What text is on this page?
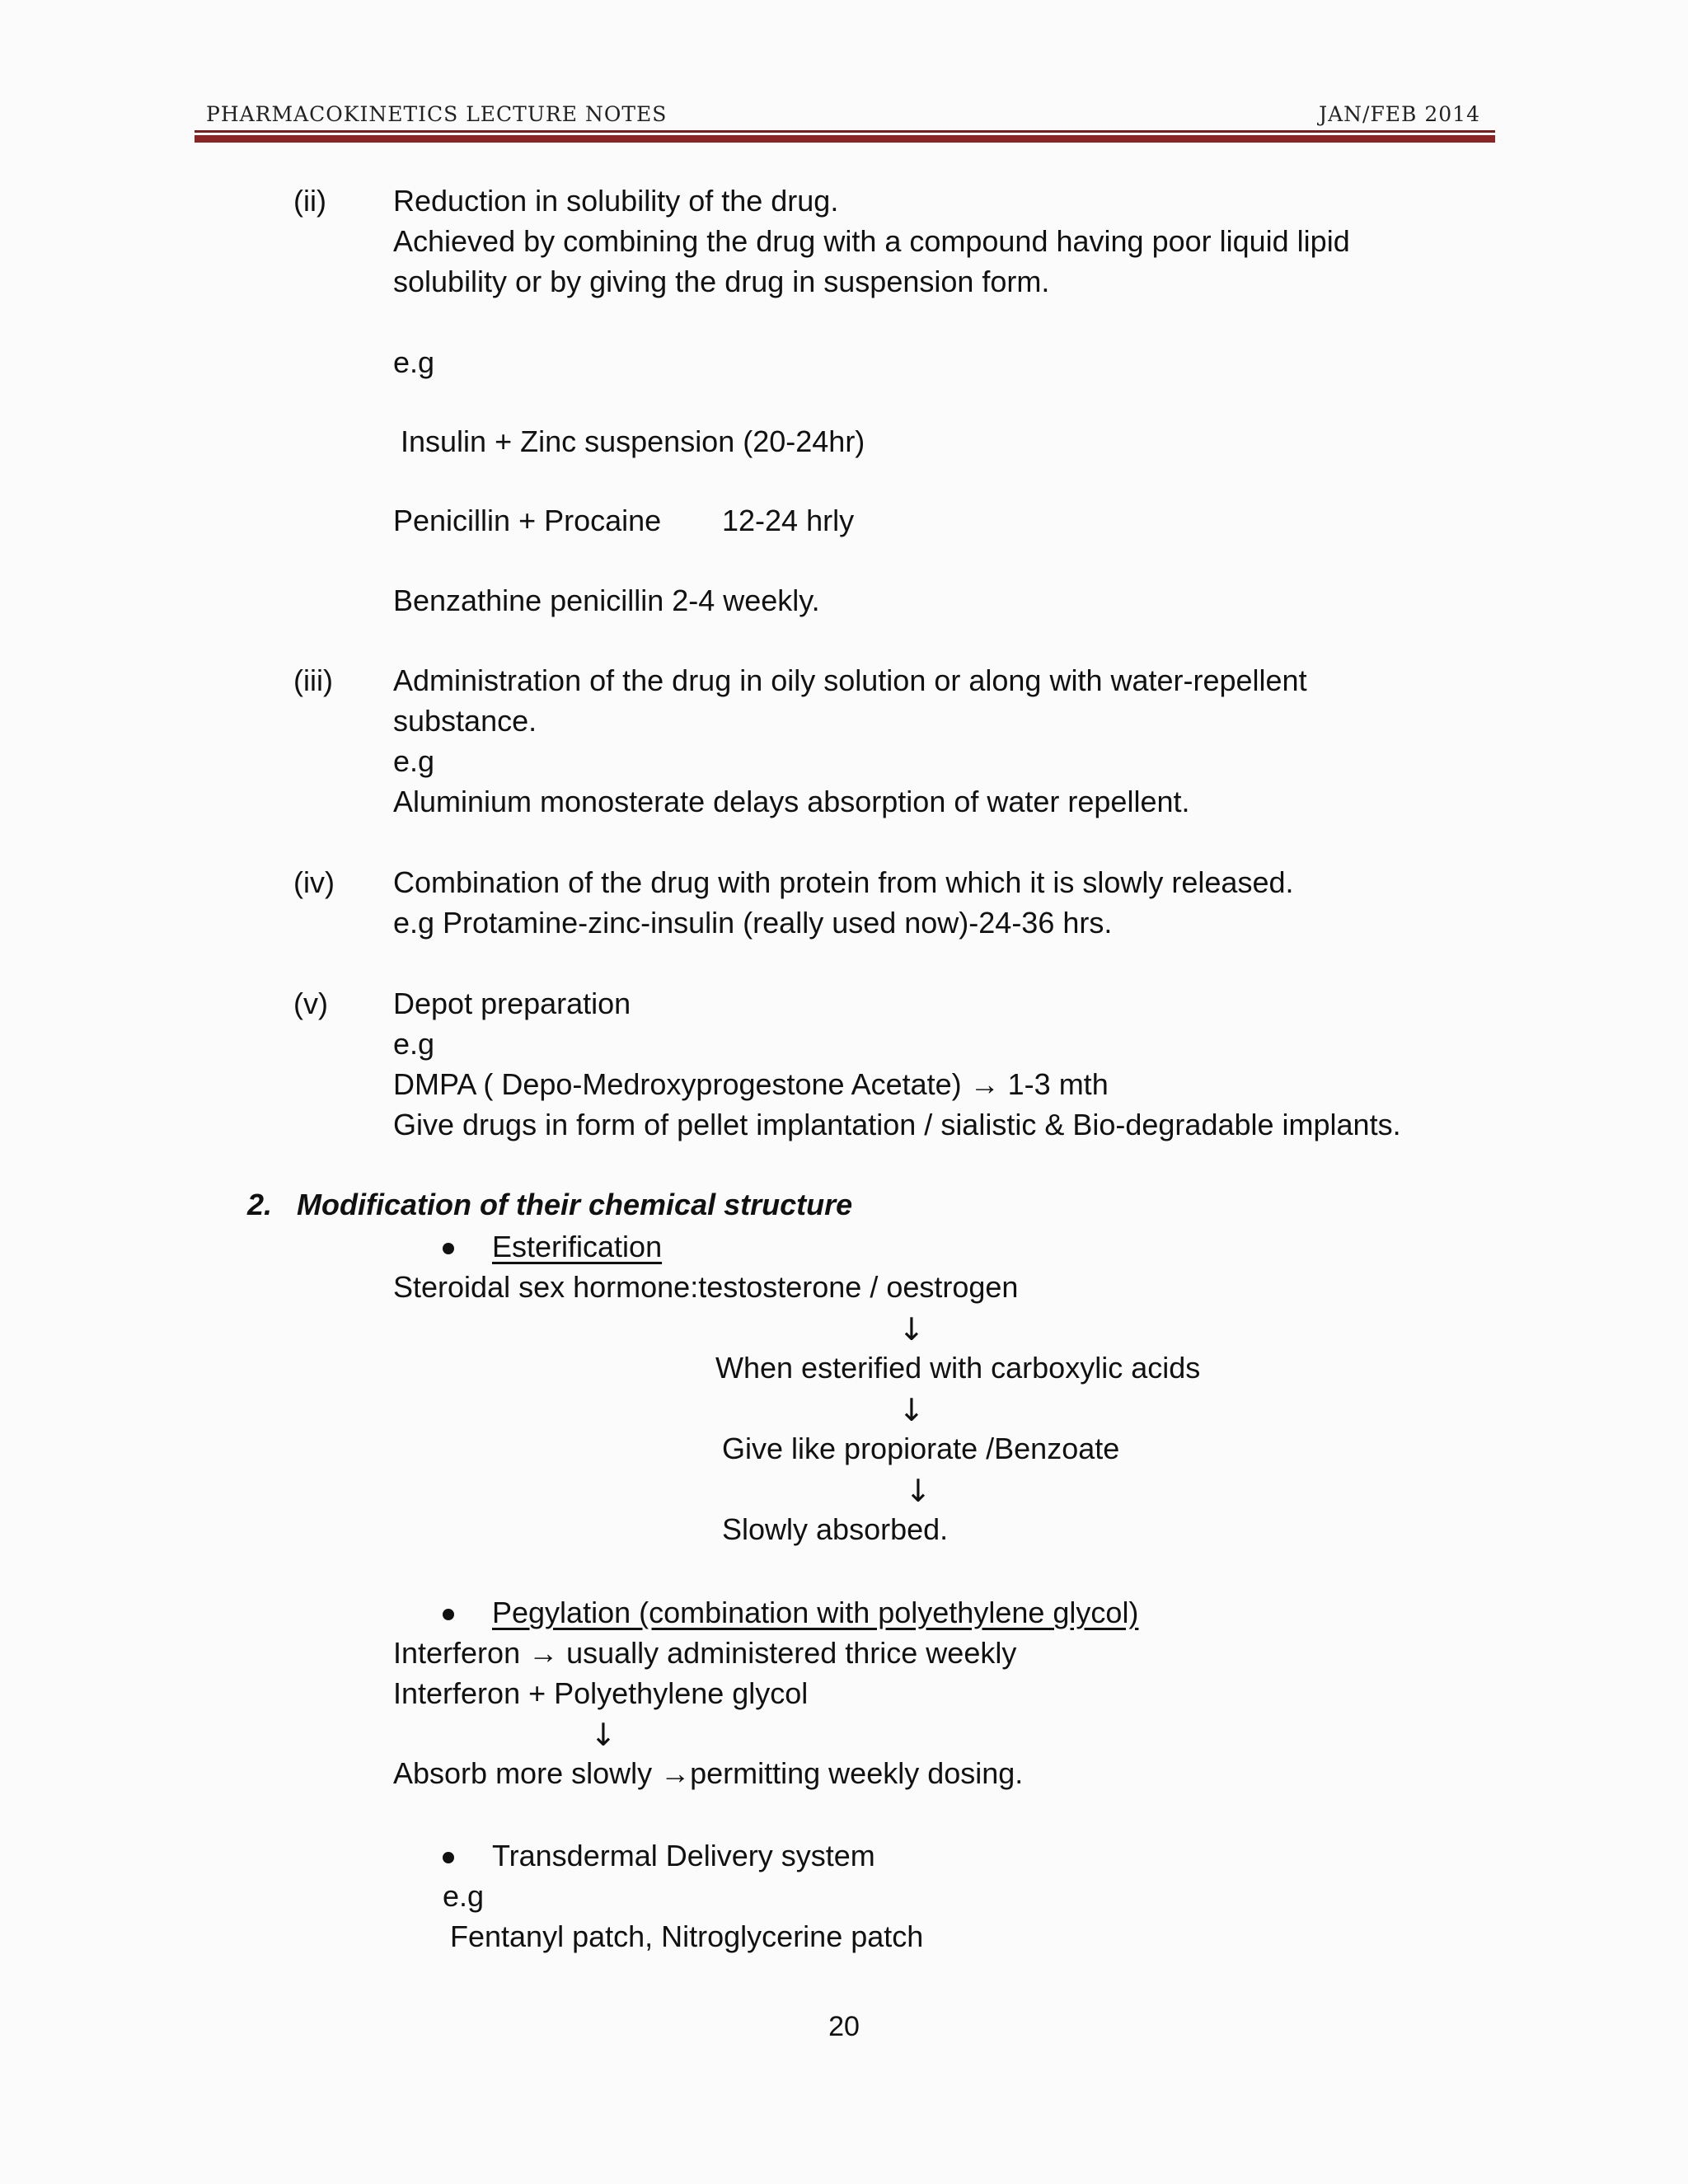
PHARMACOKINETICS LECTURE NOTES	JAN/FEB 2014
(ii) Reduction in solubility of the drug.
Achieved by combining the drug with a compound having poor liquid lipid
solubility or by giving the drug in suspension form.
e.g
Insulin + Zinc suspension (20-24hr)
Penicillin + Procaine 12-24 hrly
Benzathine penicillin 2-4 weekly.
(iii) Administration of the drug in oily solution or along with water-repellent
substance.
e.g
Aluminium monosterate delays absorption of water repellent.
(iv) Combination of the drug with protein from which it is slowly released.
e.g Protamine-zinc-insulin (really used now)-24-36 hrs.
(v) Depot preparation
e.g
DMPA ( Depo-Medroxyprogestone Acetate) → 1-3 mth
Give drugs in form of pellet implantation / sialistic & Bio-degradable implants.
2.   Modification of their chemical structure
Esterification
Steroidal sex hormone:testosterone / oestrogen
↓
When esterified with carboxylic acids
↓
Give like propiorate /Benzoate
↓
Slowly absorbed.
Pegylation (combination with polyethylene glycol)
Interferon → usually administered thrice weekly
Interferon + Polyethylene glycol
↓
Absorb more slowly →permitting weekly dosing.
Transdermal Delivery system
e.g
Fentanyl patch, Nitroglycerine patch
20
